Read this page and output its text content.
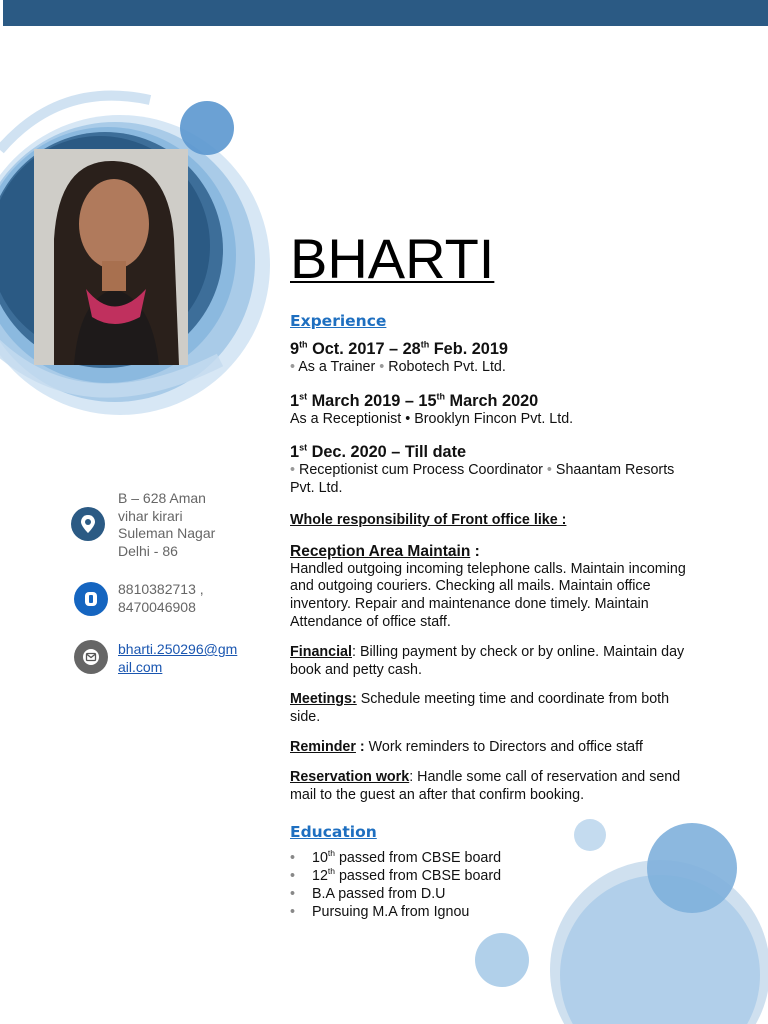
B – 628 Aman
vihar kirari
Suleman Nagar
Delhi - 86
8810382713 ,
8470046908
bharti.250296@gm
ail.com
BHARTI
Experience

9th Oct. 2017 – 28th Feb. 2019

• As a Trainer • Robotech Pvt. Ltd.

1st March 2019 – 15th March 2020

As a Receptionist • Brooklyn Fincon Pvt. Ltd.

1st Dec. 2020 – Till date

• Receptionist cum Process Coordinator • Shaantam Resorts Pvt. Ltd.

Whole responsibility of Front office like :

Reception Area Maintain :

Handled outgoing incoming telephone calls. Maintain incoming and outgoing couriers. Checking all mails. Maintain office inventory. Repair and maintenance done timely. Maintain Attendance of office staff.

Financial: Billing payment by check or by online. Maintain day book and petty cash.

Meetings: Schedule meeting time and coordinate from both side.

Reminder : Work reminders to Directors and office staff

Reservation work: Handle some call of reservation and send mail to the guest an after that confirm booking.

Education
• 10th passed from CBSE board
• 12th passed from CBSE board
• B.A passed from D.U
• Pursuing M.A from Ignou
